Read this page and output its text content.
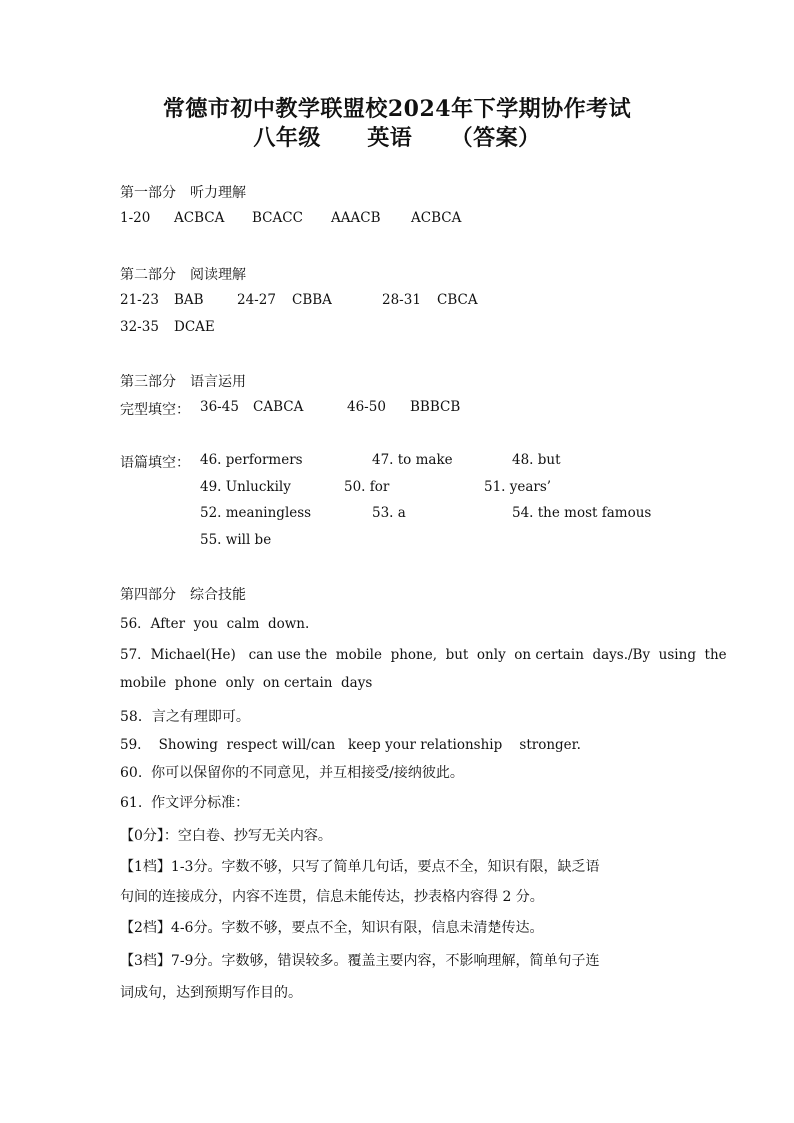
常德市初中教学联盟校2024年下学期协作考试
八年级 英语 （答案）
第一部分　听力理解
1-20 ACBCA BCACC AAACB ACBCA
第二部分　阅读理解
21-23 BAB 24-27 CBBA	28-31 CBCA
32-35 DCAE
第三部分　语言运用
完型填空： 36-45 CABCA	46-50 BBBCB
语篇填空： 46. performers	47. to make	48. but
49. Unluckily	50. for	51. years’
52. meaningless	53. a	54. the most famous
55. will be
第四部分　综合技能
56．After  you  calm  down.
57．Michael(He)   can use the  mobile  phone,  but  only  on certain  days./By  using  the
mobile  phone  only  on certain  days
58．言之有理即可。
59.    Showing  respect will/can   keep your relationship    stronger.
60.  你可以保留你的不同意见，并互相接受/接纳彼此。
61.  作文评分标准：
【0分】：空白卷、抄写无关内容。
【1档】1-3分。字数不够，只写了简单几句话，要点不全，知识有限，缺乏语
句间的连接成分，内容不连贯，信息未能传达，抄表格内容得 2 分。
【2档】4-6分。字数不够，要点不全，知识有限，信息未清楚传达。
【3档】7-9分。字数够，错误较多。覆盖主要内容，不影响理解，简单句子连
词成句，达到预期写作目的。
